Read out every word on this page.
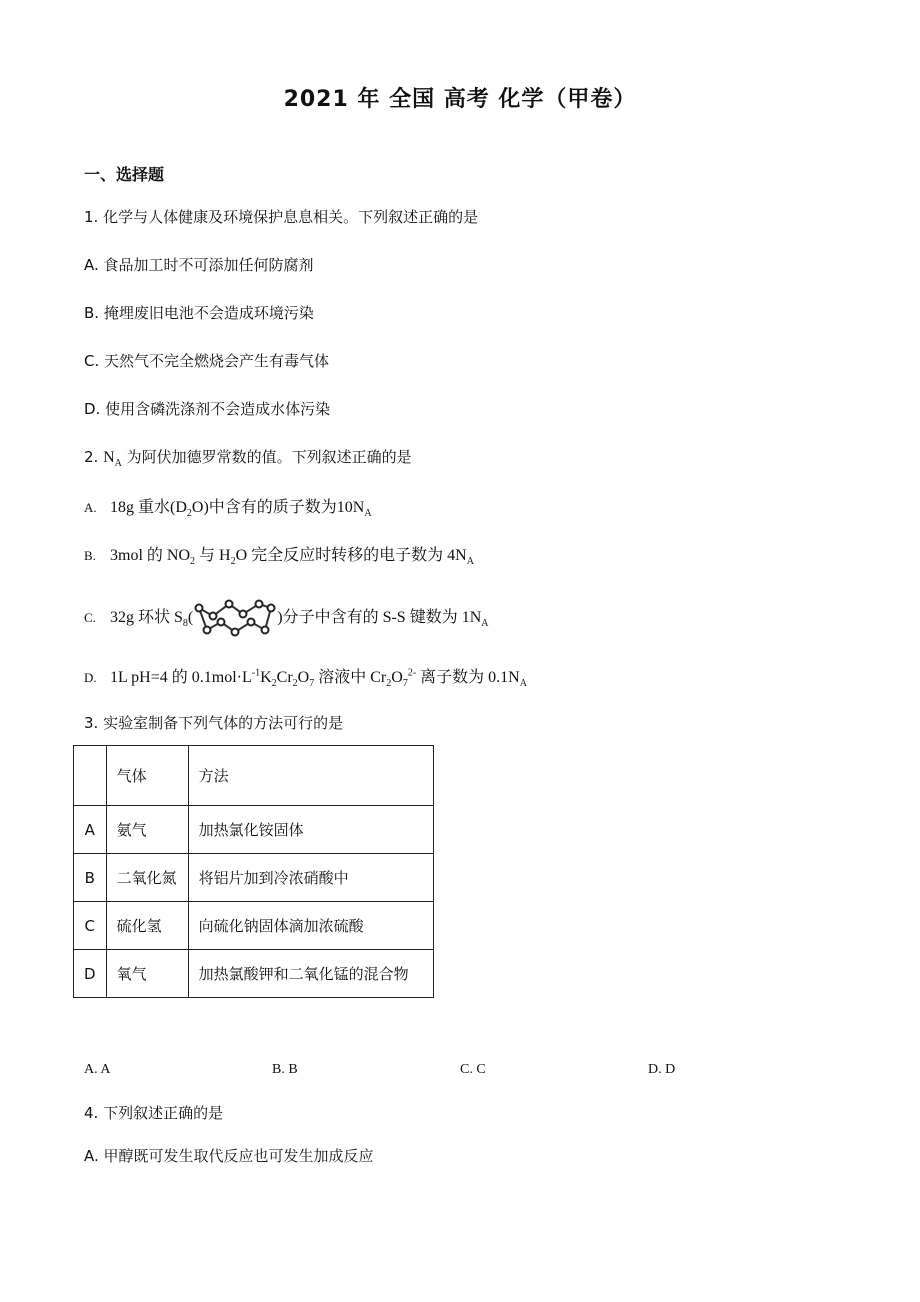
2021 年 全国 高考 化学（甲卷）
一、选择题
1. 化学与人体健康及环境保护息息相关。下列叙述正确的是
A. 食品加工时不可添加任何防腐剂
B. 掩埋废旧电池不会造成环境污染
C. 天然气不完全燃烧会产生有毒气体
D. 使用含磷洗涤剂不会造成水体污染
2. $N_A$ 为阿伏加德罗常数的值。下列叙述正确的是
A. 18g 重水$(D_2O)$中含有的质子数为$10N_A$
B. 3mol 的 $NO_2$ 与 $H_2O$ 完全反应时转移的电子数为 $4N_A$
C. 32g 环状 $S_8$(	)分子中含有的 S-S 键数为 $1N_A$
D. 1L pH=4 的 $0.1mol\cdot L^{-1}K_2Cr_2O_7$ 溶液中 $Cr_2O_7^{2-}$ 离子数为 $0.1N_A$
3. 实验室制备下列气体的方法可行的是
	气体	方法
A	氨气	加热氯化铵固体
B	二氧化氮	将铝片加到冷浓硝酸中
C	硫化氢	向硫化钠固体滴加浓硫酸
D	氧气	加热氯酸钾和二氧化锰的混合物
A. A	B. B	C. C	D. D
4. 下列叙述正确的是
A. 甲醇既可发生取代反应也可发生加成反应
